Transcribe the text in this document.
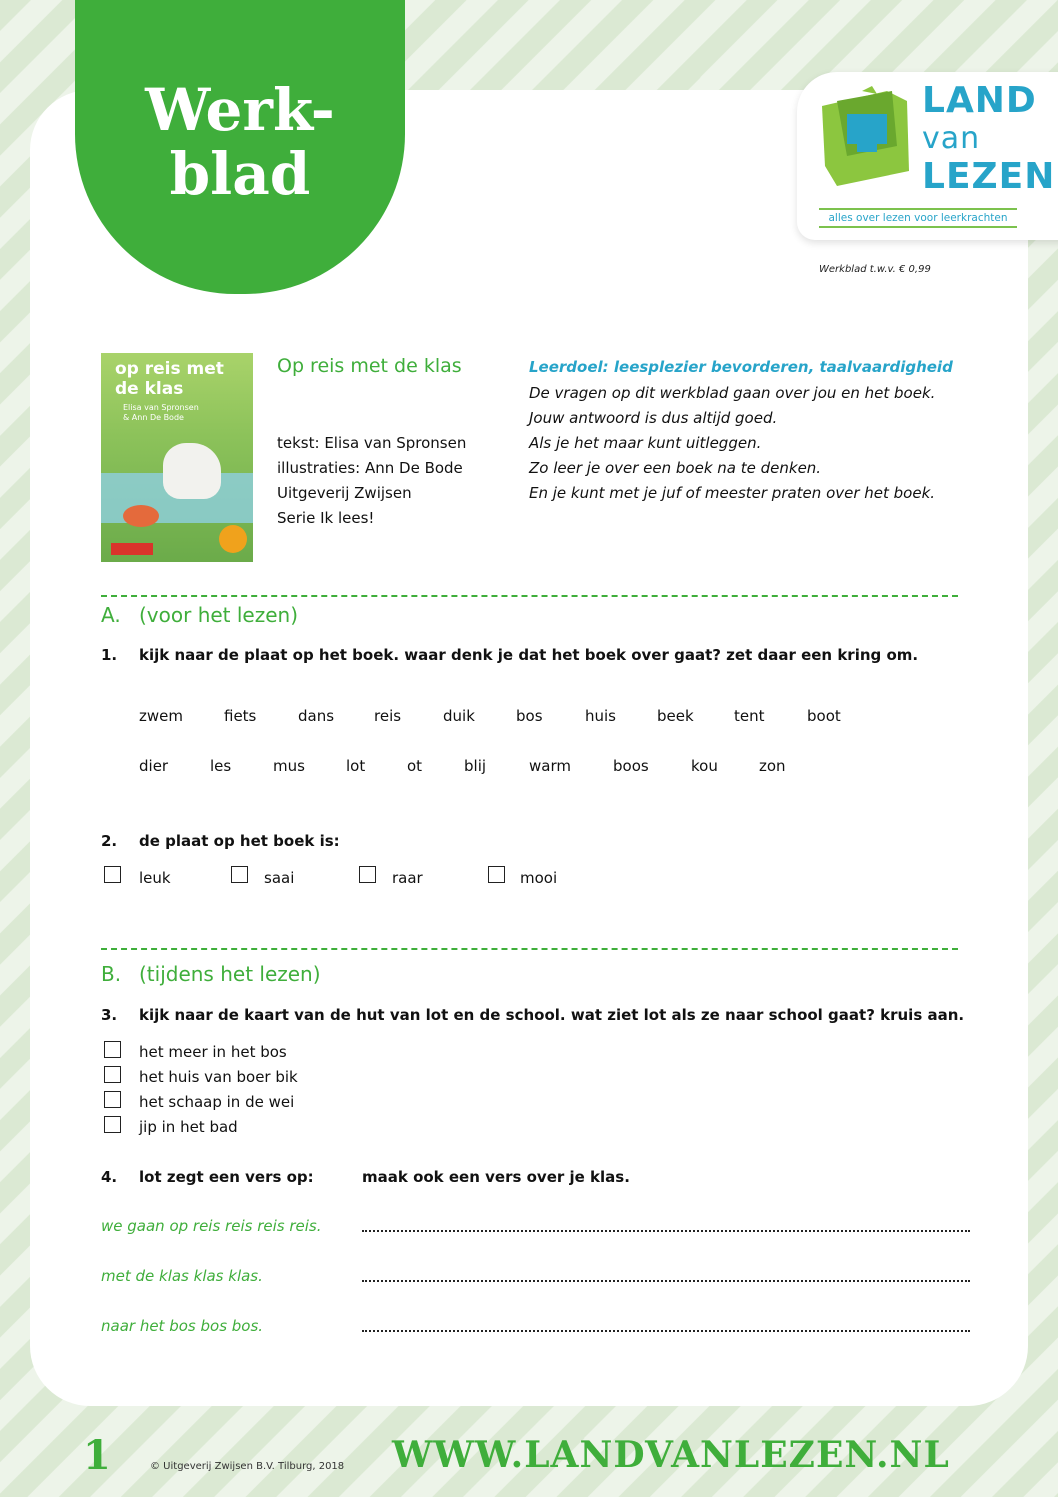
Werk-
blad
LAND
van
LEZEN
alles over lezen voor leerkrachten
Werkblad t.w.v. € 0,99
op reis met
de klas
Elisa van Spronsen
& Ann De Bode
Op reis met de klas
tekst: Elisa van Spronsen
illustraties: Ann De Bode
Uitgeverij Zwijsen
Serie Ik lees!
Leerdoel: leesplezier bevorderen, taalvaardigheid
De vragen op dit werkblad gaan over jou en het boek.
Jouw antwoord is dus altijd goed.
Als je het maar kunt uitleggen.
Zo leer je over een boek na te denken.
En je kunt met je juf of meester praten over het boek.
A. (voor het lezen)
1. kijk naar de plaat op het boek. waar denk je dat het boek over gaat? zet daar een kring om.
zwem	fiets	dans	reis	duik	bos	huis	beek	tent	boot
dier	les	mus	lot	ot	blij	warm	boos	kou	zon
2. de plaat op het boek is:
leuk	saai	raar	mooi
B. (tijdens het lezen)
3. kijk naar de kaart van de hut van lot en de school. wat ziet lot als ze naar school gaat? kruis aan.
het meer in het bos
het huis van boer bik
het schaap in de wei
jip in het bad
4. lot zegt een vers op:	maak ook een vers over je klas.
we gaan op reis reis reis reis.
met de klas klas klas.
naar het bos bos bos.
1	© Uitgeverij Zwijsen B.V. Tilburg, 2018 WWW.LANDVANLEZEN.NL
